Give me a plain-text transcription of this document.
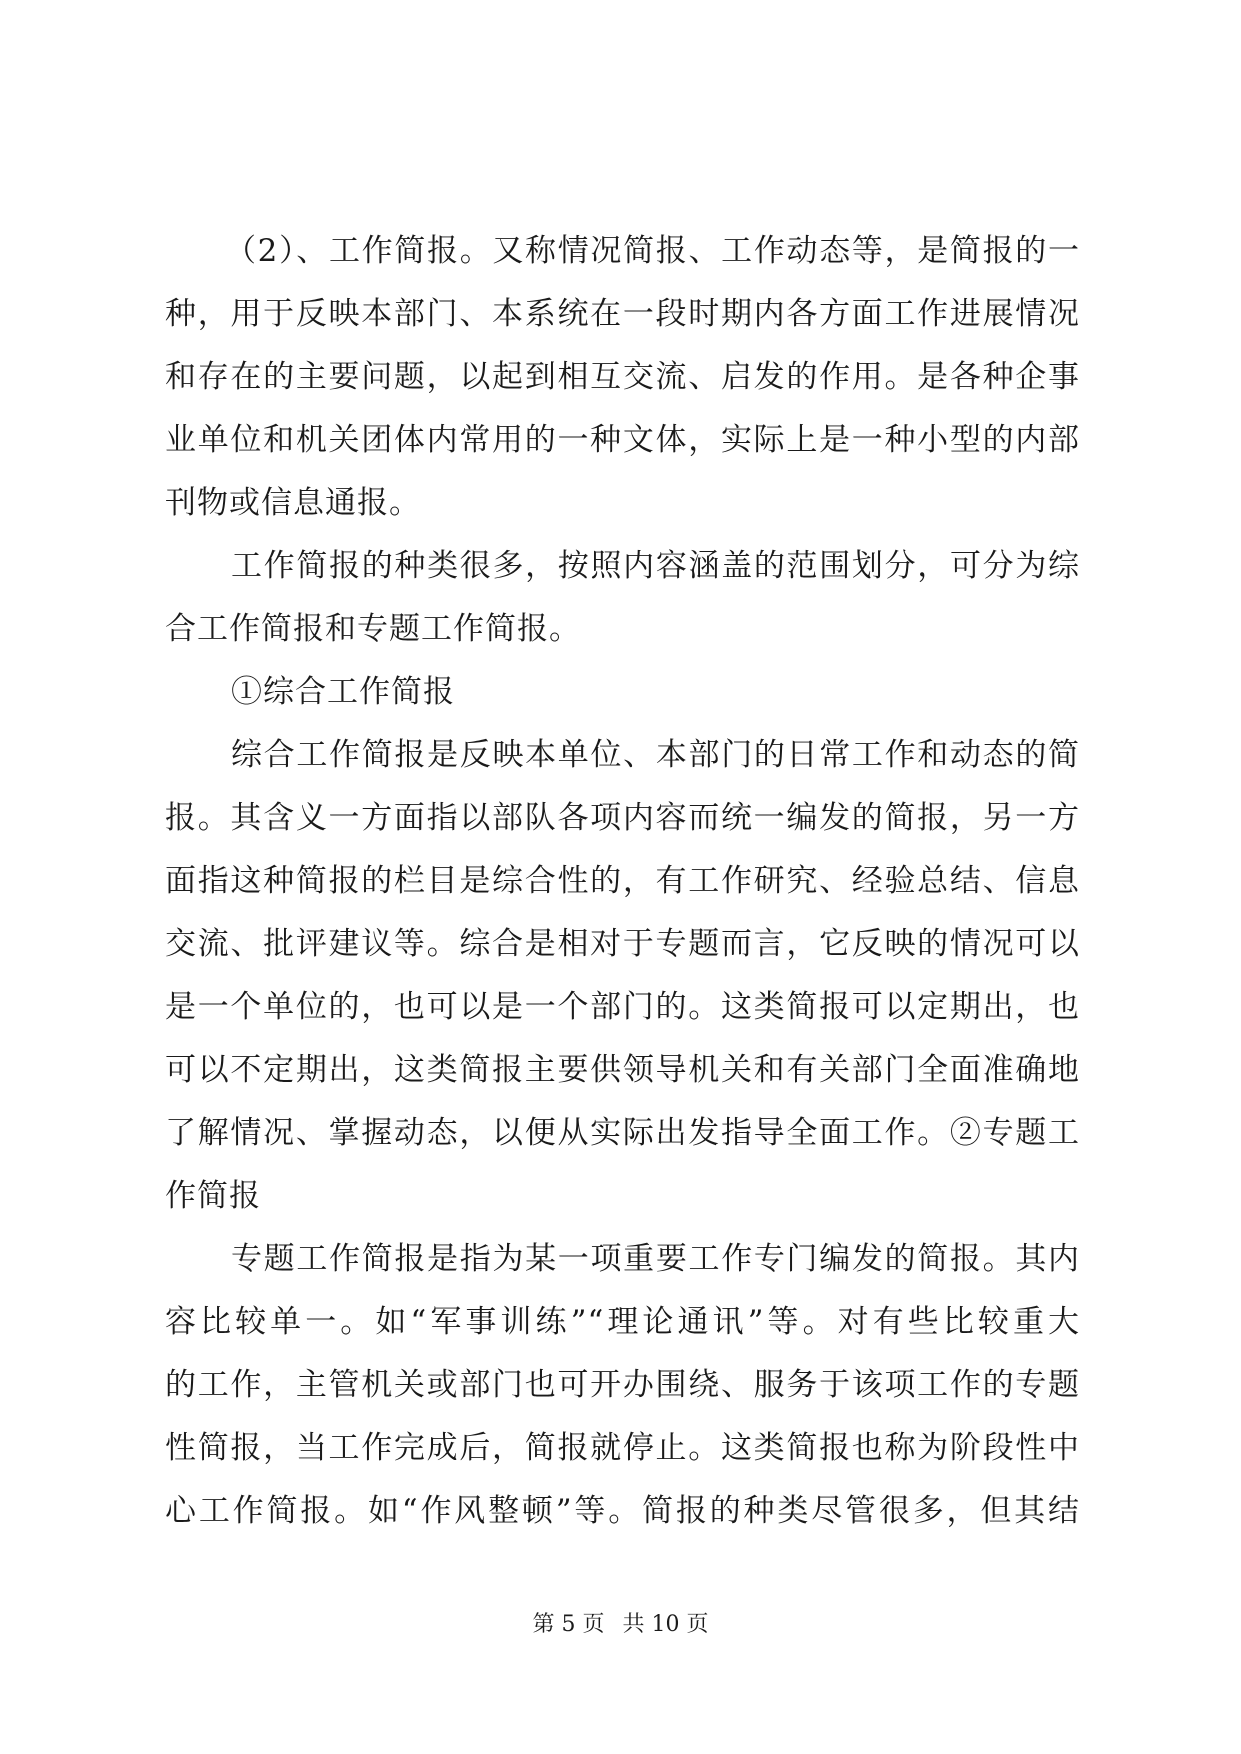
（2）、工作简报。又称情况简报、工作动态等，是简报的一
种，用于反映本部门、本系统在一段时期内各方面工作进展情况
和存在的主要问题，以起到相互交流、启发的作用。是各种企事
业单位和机关团体内常用的一种文体，实际上是一种小型的内部
刊物或信息通报。
工作简报的种类很多，按照内容涵盖的范围划分，可分为综
合工作简报和专题工作简报。
①综合工作简报
综合工作简报是反映本单位、本部门的日常工作和动态的简
报。其含义一方面指以部队各项内容而统一编发的简报，另一方
面指这种简报的栏目是综合性的，有工作研究、经验总结、信息
交流、批评建议等。综合是相对于专题而言，它反映的情况可以
是一个单位的，也可以是一个部门的。这类简报可以定期出，也
可以不定期出，这类简报主要供领导机关和有关部门全面准确地
了解情况、掌握动态，以便从实际出发指导全面工作。②专题工
作简报
专题工作简报是指为某一项重要工作专门编发的简报。其内
容比较单一。如“军事训练”“理论通讯”等。对有些比较重大
的工作，主管机关或部门也可开办围绕、服务于该项工作的专题
性简报，当工作完成后，简报就停止。这类简报也称为阶段性中
心工作简报。如“作风整顿”等。简报的种类尽管很多，但其结
第 5 页 共 10 页
